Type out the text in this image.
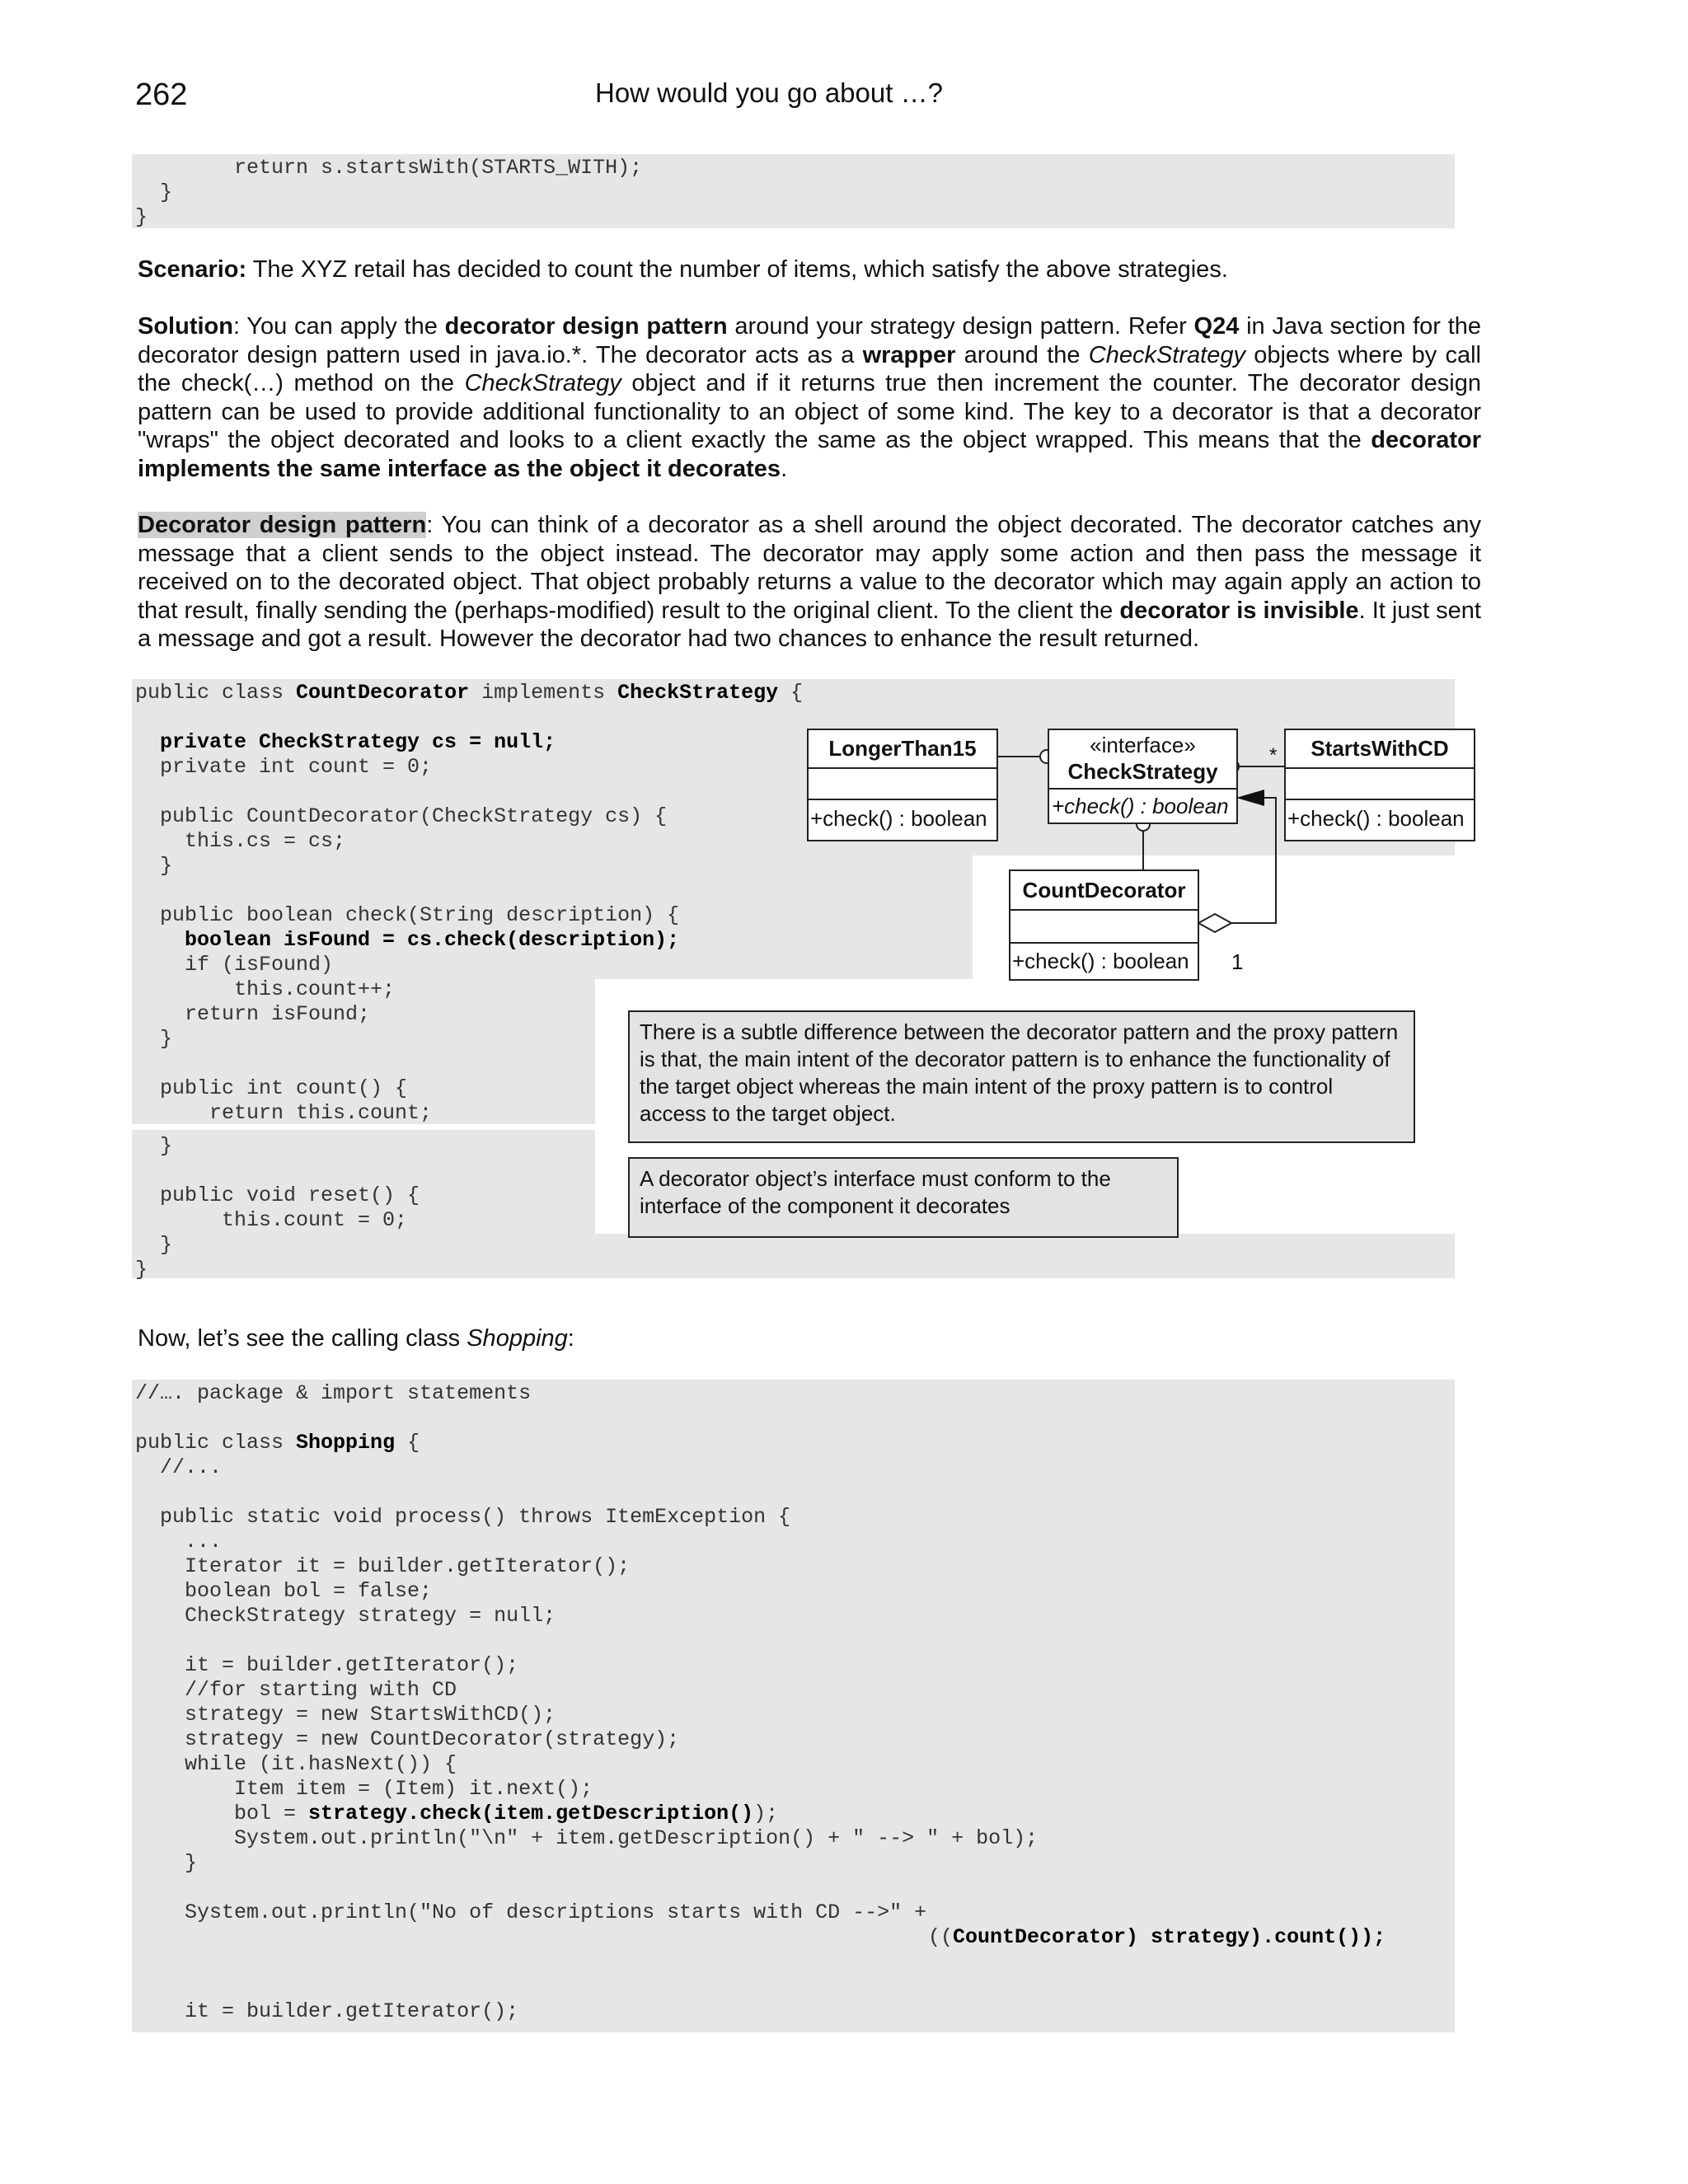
262	How would you go about …?
return s.startsWith(STARTS_WITH);
}
}
Scenario: The XYZ retail has decided to count the number of items, which satisfy the above strategies.
Solution: You can apply the decorator design pattern around your strategy design pattern. Refer Q24 in Java section for the decorator design pattern used in java.io.*. The decorator acts as a wrapper around the CheckStrategy objects where by call the check(…) method on the CheckStrategy object and if it returns true then increment the counter. The decorator design pattern can be used to provide additional functionality to an object of some kind. The key to a decorator is that a decorator "wraps" the object decorated and looks to a client exactly the same as the object wrapped. This means that the decorator implements the same interface as the object it decorates.
Decorator design pattern: You can think of a decorator as a shell around the object decorated. The decorator catches any message that a client sends to the object instead. The decorator may apply some action and then pass the message it received on to the decorated object. That object probably returns a value to the decorator which may again apply an action to that result, finally sending the (perhaps-modified) result to the original client. To the client the decorator is invisible. It just sent a message and got a result. However the decorator had two chances to enhance the result returned.
public class CountDecorator implements CheckStrategy {
private CheckStrategy cs = null;
private int count = 0;
public CountDecorator(CheckStrategy cs) {
this.cs = cs;
}
public boolean check(String description) {
boolean isFound = cs.check(description);
if (isFound)
this.count++;
return isFound;
}
public int count() {
return this.count;
}
public void reset() {
this.count = 0;
}
}
LongerThan15
+check() : boolean
«interface»
CheckStrategy
+check() : boolean
StartsWithCD
+check() : boolean
CountDecorator
+check() : boolean
*
1
There is a subtle difference between the decorator pattern and the proxy pattern is that, the main intent of the decorator pattern is to enhance the functionality of the target object whereas the main intent of the proxy pattern is to control access to the target object.
A decorator object’s interface must conform to the interface of the component it decorates
Now, let’s see the calling class Shopping:
//…. package & import statements
public class Shopping {
//...
public static void process() throws ItemException {
...
Iterator it = builder.getIterator();
boolean bol = false;
CheckStrategy strategy = null;
it = builder.getIterator();
//for starting with CD
strategy = new StartsWithCD();
strategy = new CountDecorator(strategy);
while (it.hasNext()) {
Item item = (Item) it.next();
bol = strategy.check(item.getDescription());
System.out.println("\n" + item.getDescription() + " --> " + bol);
}
System.out.println("No of descriptions starts with CD -->" +
((CountDecorator) strategy).count());
it = builder.getIterator();
